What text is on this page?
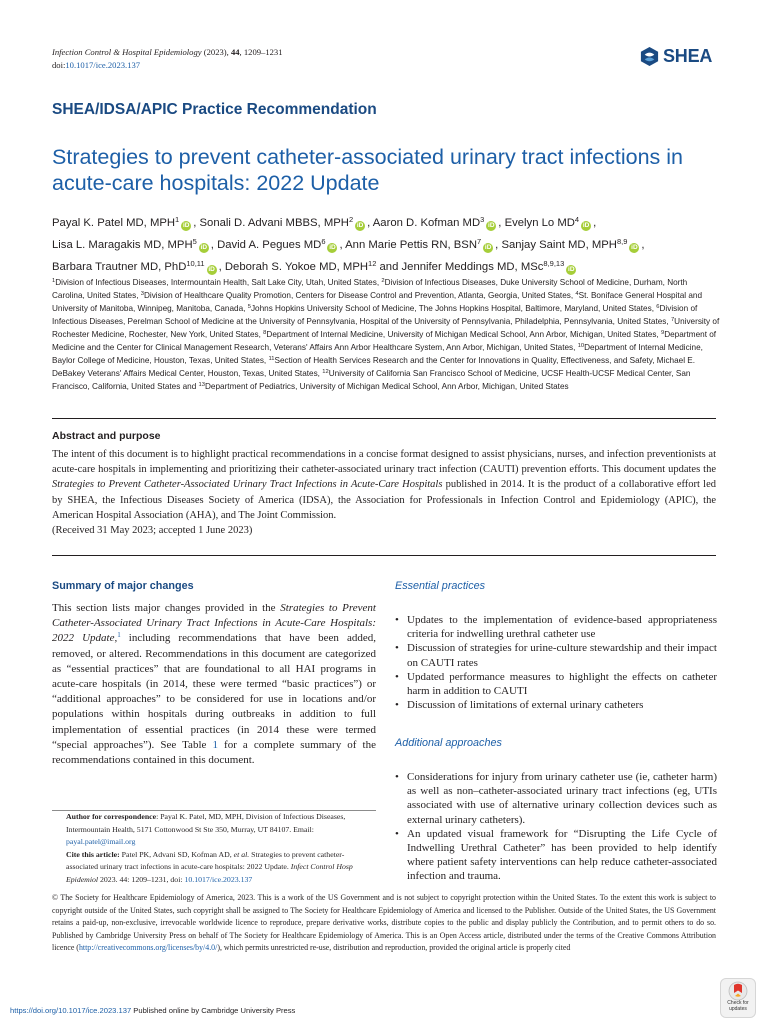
Infection Control & Hospital Epidemiology (2023), 44, 1209–1231
doi:10.1017/ice.2023.137	SHEA
SHEA/IDSA/APIC Practice Recommendation
Strategies to prevent catheter-associated urinary tract infections in acute-care hospitals: 2022 Update
Payal K. Patel MD, MPH$^1$iD , Sonali D. Advani MBBS, MPH$^2$iD , Aaron D. Kofman $MD^3iD$ , Evelyn Lo $MD^4iD$ ,
Lisa L. Maragakis MD, MPH$^5$iD , David A. Pegues $MD^6iD$ , Ann Marie Pettis RN, BSN$^7$iD , Sanjay Saint MD, MPH$^{8,9}$iD ,
Barbara Trautner MD, PhD$^{10,11}$iD , Deborah S. Yokoe MD, MPH$^{12}$ and Jennifer Meddings MD, MSc$^{8,9,13}$iD
$^1$Division of Infectious Diseases, Intermountain Health, Salt Lake City, Utah, United States, $^2$Division of Infectious Diseases, Duke University School of Medicine, Durham, North Carolina, United States, $^3$Division of Healthcare Quality Promotion, Centers for Disease Control and Prevention, Atlanta, Georgia, United States, $^4$St. Boniface General Hospital and University of Manitoba, Winnipeg, Manitoba, Canada, $^5$Johns Hopkins University School of Medicine, The Johns Hopkins Hospital, Baltimore, Maryland, United States, $^6$Division of Infectious Diseases, Perelman School of Medicine at the University of Pennsylvania, Hospital of the University of Pennsylvania, Philadelphia, Pennsylvania, United States, $^7$University of Rochester Medicine, Rochester, New York, United States, $^8$Department of Internal Medicine, University of Michigan Medical School, Ann Arbor, Michigan, United States, $^9$Department of Medicine and the Center for Clinical Management Research, Veterans' Affairs Ann Arbor Healthcare System, Ann Arbor, Michigan, United States, $^{10}$Department of Internal Medicine, Baylor College of Medicine, Houston, Texas, United States, $^{11}$Section of Health Services Research and the Center for Innovations in Quality, Effectiveness, and Safety, Michael E. DeBakey Veterans' Affairs Medical Center, Houston, Texas, United States, $^{12}$University of California San Francisco School of Medicine, UCSF Health-UCSF Medical Center, San Francisco, California, United States and $^{13}$Department of Pediatrics, University of Michigan Medical School, Ann Arbor, Michigan, United States
Abstract and purpose
The intent of this document is to highlight practical recommendations in a concise format designed to assist physicians, nurses, and infection preventionists at acute-care hospitals in implementing and prioritizing their catheter-associated urinary tract infection (CAUTI) prevention efforts. This document updates the Strategies to Prevent Catheter-Associated Urinary Tract Infections in Acute-Care Hospitals published in 2014. It is the product of a collaborative effort led by SHEA, the Infectious Diseases Society of America (IDSA), the Association for Professionals in Infection Control and Epidemiology (APIC), the American Hospital Association (AHA), and The Joint Commission.
(Received 31 May 2023; accepted 1 June 2023)
Summary of major changes
This section lists major changes provided in the Strategies to Prevent Catheter-Associated Urinary Tract Infections in Acute-Care Hospitals: 2022 Update,$^1$ including recommendations that have been added, removed, or altered. Recommendations in this document are categorized as “essential practices” that are foundational to all HAI programs in acute-care hospitals (in 2014, these were termed “basic practices”) or “additional approaches” to be considered for use in locations and/or populations within hospitals during outbreaks in addition to full implementation of essential practices (in 2014 these were termed “special approaches”). See Table 1 for a complete summary of the recommendations contained in this document.
Author for correspondence: Payal K. Patel, MD, MPH, Division of Infectious Diseases, Intermountain Health, 5171 Cottonwood St Ste 350, Murray, UT 84107. Email: payal.patel@imail.org
Cite this article: Patel PK, Advani SD, Kofman AD, et al. Strategies to prevent catheter-associated urinary tract infections in acute-care hospitals: 2022 Update. Infect Control Hosp Epidemiol 2023. 44: 1209–1231, doi: 10.1017/ice.2023.137
Essential practices
• Updates to the implementation of evidence-based appropriateness criteria for indwelling urethral catheter use
• Discussion of strategies for urine-culture stewardship and their impact on CAUTI rates
• Updated performance measures to highlight the effects on catheter harm in addition to CAUTI
• Discussion of limitations of external urinary catheters
Additional approaches
• Considerations for injury from urinary catheter use (ie, catheter harm) as well as non–catheter-associated urinary tract infections (eg, UTIs associated with use of alternative urinary collection devices such as external urinary catheters).
• An updated visual framework for “Disrupting the Life Cycle of Indwelling Urethral Catheter” has been provided to help identify where patient safety interventions can help reduce catheter-associated infection and trauma.
© The Society for Healthcare Epidemiology of America, 2023. This is a work of the US Government and is not subject to copyright protection within the United States. To the extent this work is subject to copyright outside of the United States, such copyright shall be assigned to The Society for Healthcare Epidemiology of America and licensed to the Publisher. Outside of the United States, the US Government retains a paid-up, non-exclusive, irrevocable worldwide licence to reproduce, prepare derivative works, distribute copies to the public and display publicly the Contribution, and to permit others to do so. Published by Cambridge University Press on behalf of The Society for Healthcare Epidemiology of America. This is an Open Access article, distributed under the terms of the Creative Commons Attribution licence (http://creativecommons.org/licenses/by/4.0/), which permits unrestricted re-use, distribution and reproduction, provided the original article is properly cited
https://doi.org/10.1017/ice.2023.137 Published online by Cambridge University Press
Check for
updates
